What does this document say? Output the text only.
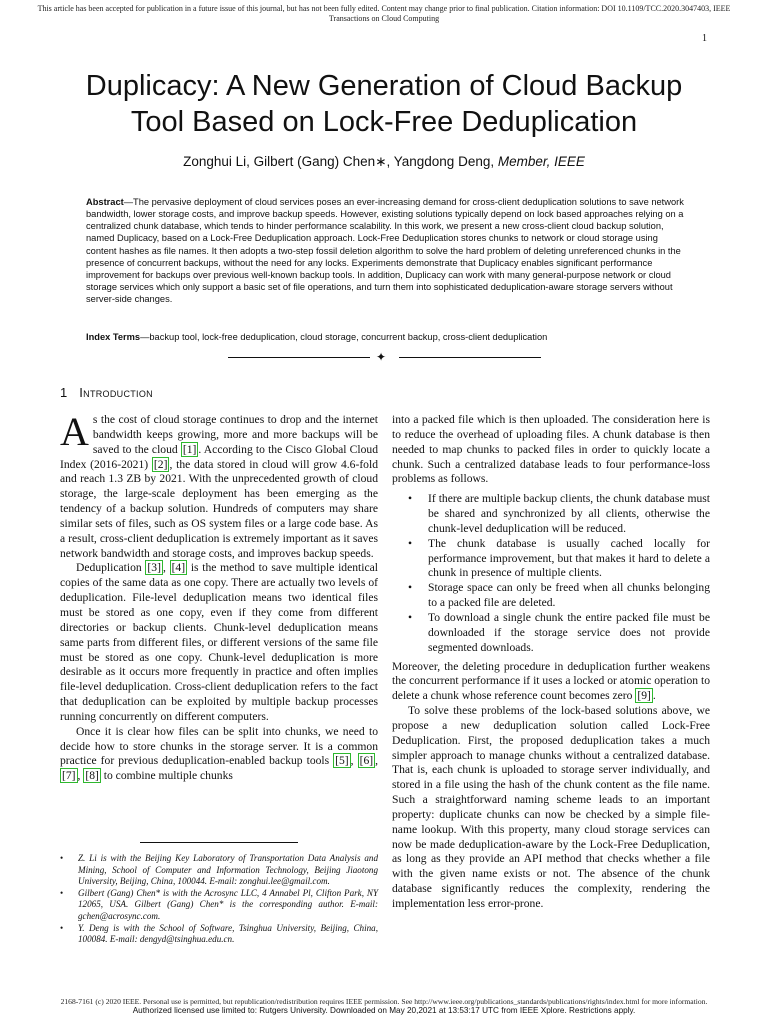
This article has been accepted for publication in a future issue of this journal, but has not been fully edited. Content may change prior to final publication. Citation information: DOI 10.1109/TCC.2020.3047403, IEEE
Transactions on Cloud Computing
1
Duplicacy: A New Generation of Cloud Backup
Tool Based on Lock-Free Deduplication
Zonghui Li, Gilbert (Gang) Chen∗, Yangdong Deng, Member, IEEE
Abstract—The pervasive deployment of cloud services poses an ever-increasing demand for cross-client deduplication solutions to save network bandwidth, lower storage costs, and improve backup speeds. However, existing solutions typically depend on lock based approaches relying on a centralized chunk database, which tends to hinder performance scalability. In this work, we present a new cross-client cloud backup solution, named Duplicacy, based on a Lock-Free Deduplication approach. Lock-Free Deduplication stores chunks to network or cloud storage using content hashes as file names. It then adopts a two-step fossil deletion algorithm to solve the hard problem of deleting unreferenced chunks in the presence of concurrent backups, without the need for any locks. Experiments demonstrate that Duplicacy enables significant performance improvement for backups over previous well-known backup tools. In addition, Duplicacy can work with many general-purpose network or cloud storage services which only support a basic set of file operations, and turn them into sophisticated deduplication-aware storage servers without server-side changes.
Index Terms—backup tool, lock-free deduplication, cloud storage, concurrent backup, cross-client deduplication
✦
1 Introduction

As the cost of cloud storage continues to drop and the internet bandwidth keeps growing, more and more backups will be saved to the cloud [1] . According to the Cisco Global Cloud Index (2016-2021) [2] , the data stored in cloud will grow 4.6-fold and reach 1.3 ZB by 2021. With the unprecedented growth of cloud storage, the large-scale deployment has been emerging as the tendency of a backup solution. Hundreds of computers may share similar sets of files, such as OS system files or a large code base. As a result, cross-client deduplication is extremely important as it saves network bandwidth and storage costs, and improves backup speeds.

Deduplication [3] , [4] is the method to save multiple identical copies of the same data as one copy. There are actually two levels of deduplication. File-level deduplication means two identical files must be stored as one copy, even if they come from different directories or backup clients. Chunk-level deduplication means same parts from different files, or different versions of the same file must be stored as one copy. Chunk-level deduplication is more desirable as it occurs more frequently in practice and often implies file-level deduplication. Cross-client deduplication refers to the fact that deduplication can be exploited by multiple backup processes running concurrently on different computers.

Once it is clear how files can be split into chunks, we need to decide how to store chunks in the storage server. It is a common practice for previous deduplication-enabled backup tools [5] , [6] , [7] , [8] to combine multiple chunks

• Z. Li is with the Beijing Key Laboratory of Transportation Data Analysis and Mining, School of Computer and Information Technology, Beijing Jiaotong University, Beijing, China, 100044. E-mail: zonghui.lee@gmail.com.
• Gilbert (Gang) Chen* is with the Acrosync LLC, 4 Annabel Pl, Clifton Park, NY 12065, USA. Gilbert (Gang) Chen* is the corresponding author. E-mail: gchen@acrosync.com.
• Y. Deng is with the School of Software, Tsinghua University, Beijing, China, 100084. E-mail: dengyd@tsinghua.edu.cn.

into a packed file which is then uploaded. The consideration here is to reduce the overhead of uploading files. A chunk database is then needed to map chunks to packed files in order to quickly locate a chunk. Such a centralized database leads to four performance-loss problems as follows.

• If there are multiple backup clients, the chunk database must be shared and synchronized by all clients, otherwise the chunk-level deduplication will be reduced.
• The chunk database is usually cached locally for performance improvement, but that makes it hard to delete a chunk in presence of multiple clients.
• Storage space can only be freed when all chunks belonging to a packed file are deleted.
• To download a single chunk the entire packed file must be downloaded if the storage service does not provide segmented downloads.

Moreover, the deleting procedure in deduplication further weakens the concurrent performance if it uses a locked or atomic operation to delete a chunk whose reference count becomes zero [9] .

To solve these problems of the lock-based solutions above, we propose a new deduplication solution called Lock-Free Deduplication. First, the proposed deduplication takes a much simpler approach to manage chunks without a centralized database. That is, each chunk is uploaded to storage server individually, and stored in a file using the hash of the chunk content as the file name. Such a straightforward naming scheme leads to an important property: duplicate chunks can now be checked by a simple file-name lookup. With this property, many cloud storage services can now be made deduplication-aware by the Lock-Free Deduplication, as long as they provide an API method that checks whether a file with the given name exists or not. The absence of the chunk database significantly reduces the complexity, rendering the implementation less error-prone.

2168-7161 (c) 2020 IEEE. Personal use is permitted, but republication/redistribution requires IEEE permission. See http://www.ieee.org/publications_standards/publications/rights/index.html for more information.
Authorized licensed use limited to: Rutgers University. Downloaded on May 20,2021 at 13:53:17 UTC from IEEE Xplore. Restrictions apply.
